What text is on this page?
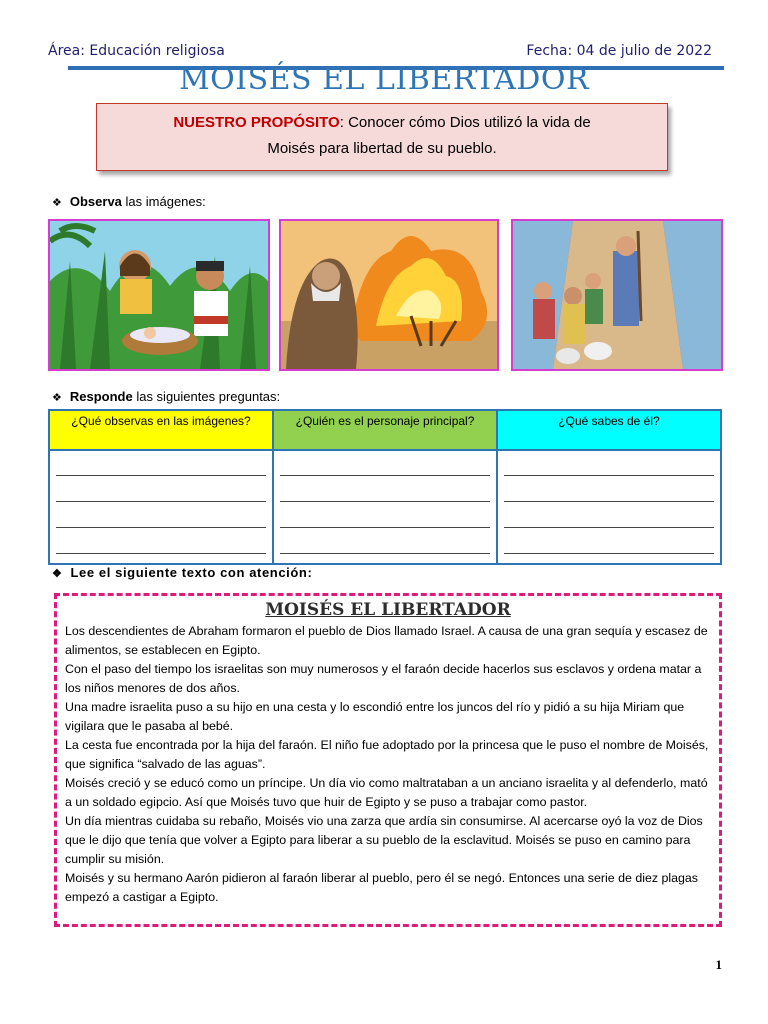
Área: Educación religiosa	Fecha: 04 de julio de 2022
MOISÉS EL LIBERTADOR
NUESTRO PROPÓSITO: Conocer cómo Dios utilizó la vida de
Moisés para libertad de su pueblo.
❖ Observa las imágenes:
❖ Responde las siguientes preguntas:
¿Qué observas en las imágenes?	¿Quién es el personaje principal?	¿Qué sabes de él?

❖ Lee el siguiente texto con atención:
MOISÉS EL LIBERTADOR

Los descendientes de Abraham formaron el pueblo de Dios llamado Israel. A causa de una gran sequía y escasez de alimentos, se establecen en Egipto.

Con el paso del tiempo los israelitas son muy numerosos y el faraón decide hacerlos sus esclavos y ordena matar a los niños menores de dos años.

Una madre israelita puso a su hijo en una cesta y lo escondió entre los juncos del río y pidió a su hija Miriam que vigilara que le pasaba al bebé.

La cesta fue encontrada por la hija del faraón. El niño fue adoptado por la princesa que le puso el nombre de Moisés, que significa “salvado de las aguas”.

Moisés creció y se educó como un príncipe. Un día vio como maltrataban a un anciano israelita y al defenderlo, mató a un soldado egipcio. Así que Moisés tuvo que huir de Egipto y se puso a trabajar como pastor.

Un día mientras cuidaba su rebaño, Moisés vio una zarza que ardía sin consumirse. Al acercarse oyó la voz de Dios que le dijo que tenía que volver a Egipto para liberar a su pueblo de la esclavitud. Moisés se puso en camino para cumplir su misión.

Moisés y su hermano Aarón pidieron al faraón liberar al pueblo, pero él se negó. Entonces una serie de diez plagas empezó a castigar a Egipto.

1
